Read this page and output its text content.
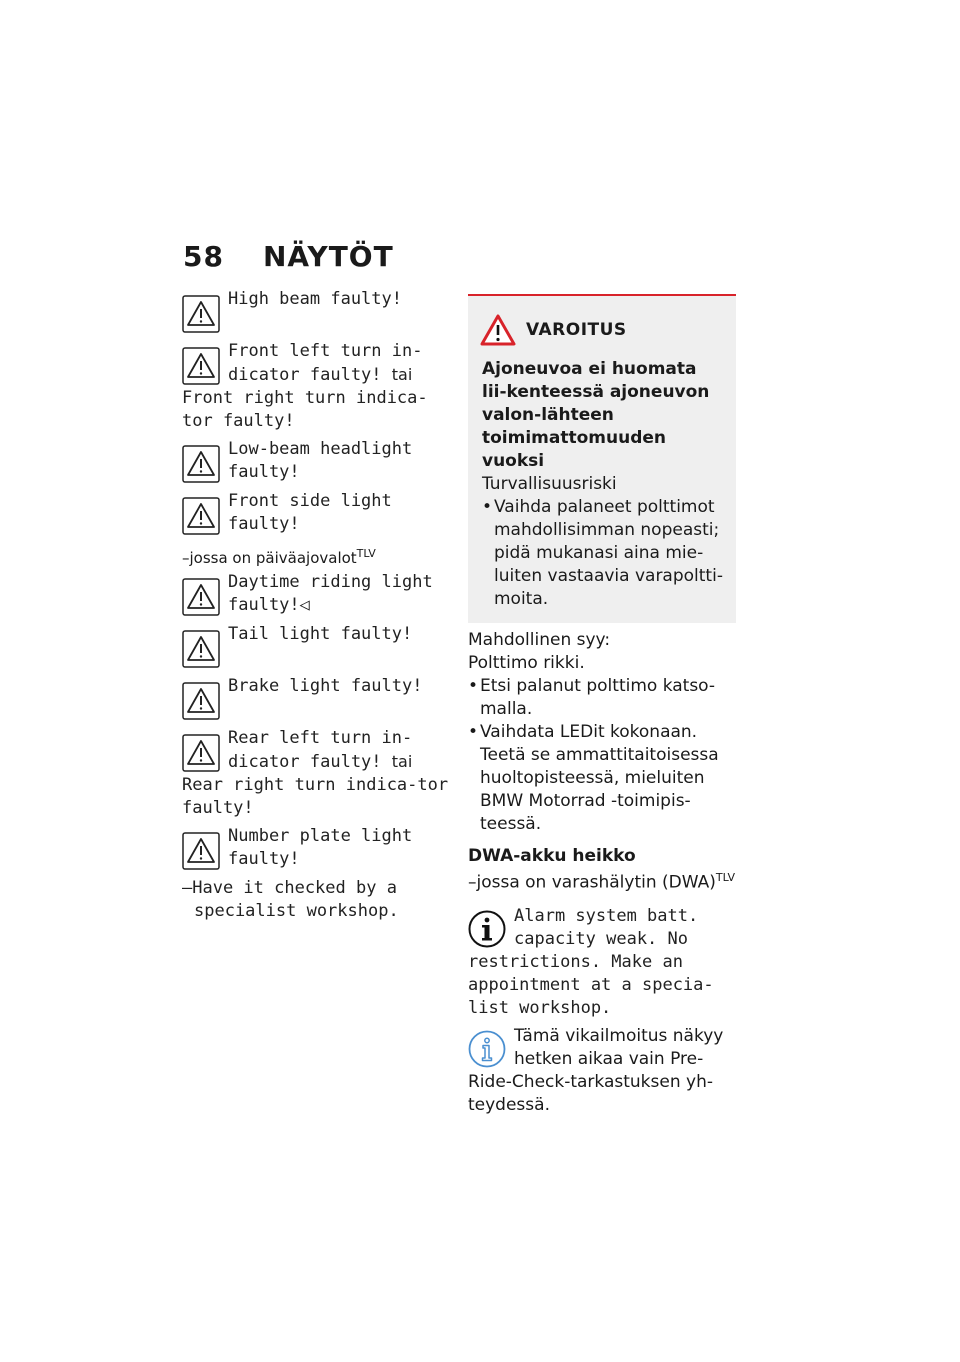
58 NÄYTÖT
High beam faulty!
Front left turn in-dicator faulty! tai Front right turn indica-tor faulty!
Low-beam headlight faulty!
Front side light faulty!
–jossa on päiväajovalot$^{TLV}$
Daytime riding light faulty!◁
Tail light faulty!
Brake light faulty!
Rear left turn in-dicator faulty! tai Rear right turn indica-tor faulty!
Number plate light faulty!
–Have it checked by a specialist workshop.
VAROITUS
Ajoneuvoa ei huomata lii-kenteessä ajoneuvon valon-lähteen toimimattomuuden vuoksi
Turvallisuusriski
• Vaihda palaneet polttimot mahdollisimman nopeasti; pidä mukanasi aina mie-luiten vastaavia varapoltti-moita.
Mahdollinen syy:
Polttimo rikki.
• Etsi palanut polttimo katso-malla.
• Vaihdata LEDit kokonaan. Teetä se ammattitaitoisessa huoltopisteessä, mieluiten BMW Motorrad -toimipis-teessä.
DWA-akku heikko
–jossa on varashälytin (DWA)$^{TLV}$
Alarm system batt. capacity weak. No restrictions. Make an appointment at a specia-list workshop.
Tämä vikailmoitus näkyy hetken aikaa vain Pre-Ride-Check-tarkastuksen yh-teydessä.
